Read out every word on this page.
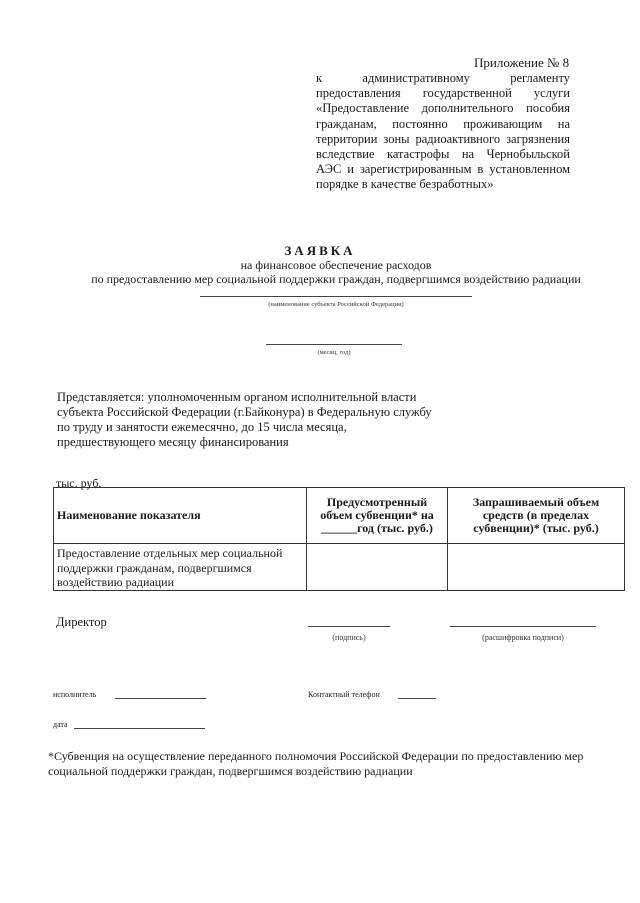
Приложение № 8
к административному регламенту предоставления государственной услуги «Предоставление дополнительного пособия гражданам, постоянно проживающим на территории зоны радиоактивного загрязнения вследствие катастрофы на Чернобыльской АЭС и зарегистрированным в установленном порядке в качестве безработных»
ЗАЯВКА
на финансовое обеспечение расходов
по предоставлению мер социальной поддержки граждан, подвергшимся воздействию радиации
(наименование субъекта Российской Федерации)
(месяц, год)
Представляется: уполномоченным органом исполнительной власти субъекта Российской Федерации (г.Байконура) в Федеральную службу по труду и занятости ежемесячно, до 15 числа месяца, предшествующего месяцу финансирования
тыс. руб.
Наименование показателя	Предусмотренный объем субвенции* на ______год (тыс. руб.)	Запрашиваемый объем средств (в пределах субвенции)* (тыс. руб.)
Предоставление отдельных мер социальной поддержки гражданам, подвергшимся воздействию радиации		
Директор
(подпись)	(расшифровка подписи)
исполнитель	Контактный телефон
дата
*Субвенция на осуществление переданного полномочия Российской Федерации по предоставлению мер социальной поддержки граждан, подвергшимся воздействию радиации
